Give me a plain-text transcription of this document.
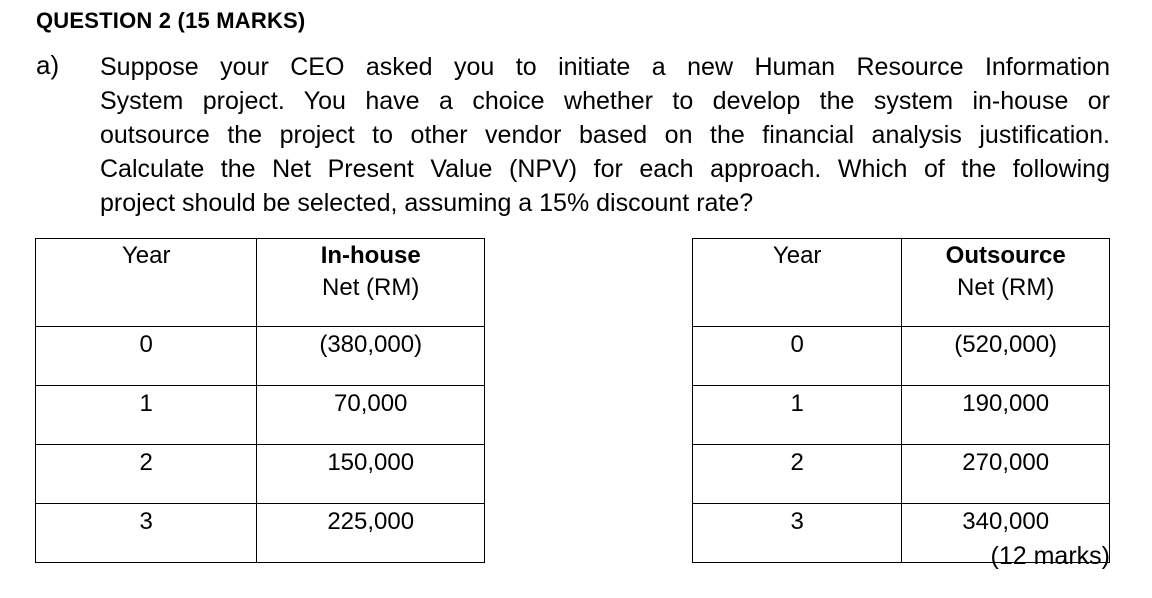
QUESTION 2 (15 MARKS)
a) Suppose your CEO asked you to initiate a new Human Resource Information
System project. You have a choice whether to develop the system in-house or
outsource the project to other vendor based on the financial analysis justification.
Calculate the Net Present Value (NPV) for each approach. Which of the following
project should be selected, assuming a 15% discount rate?
Year	In-house
Net (RM)
0	(380,000)
1	70,000
2	150,000
3	225,000
Year	Outsource
Net (RM)
0	(520,000)
1	190,000
2	270,000
3	340,000
(12 marks)
